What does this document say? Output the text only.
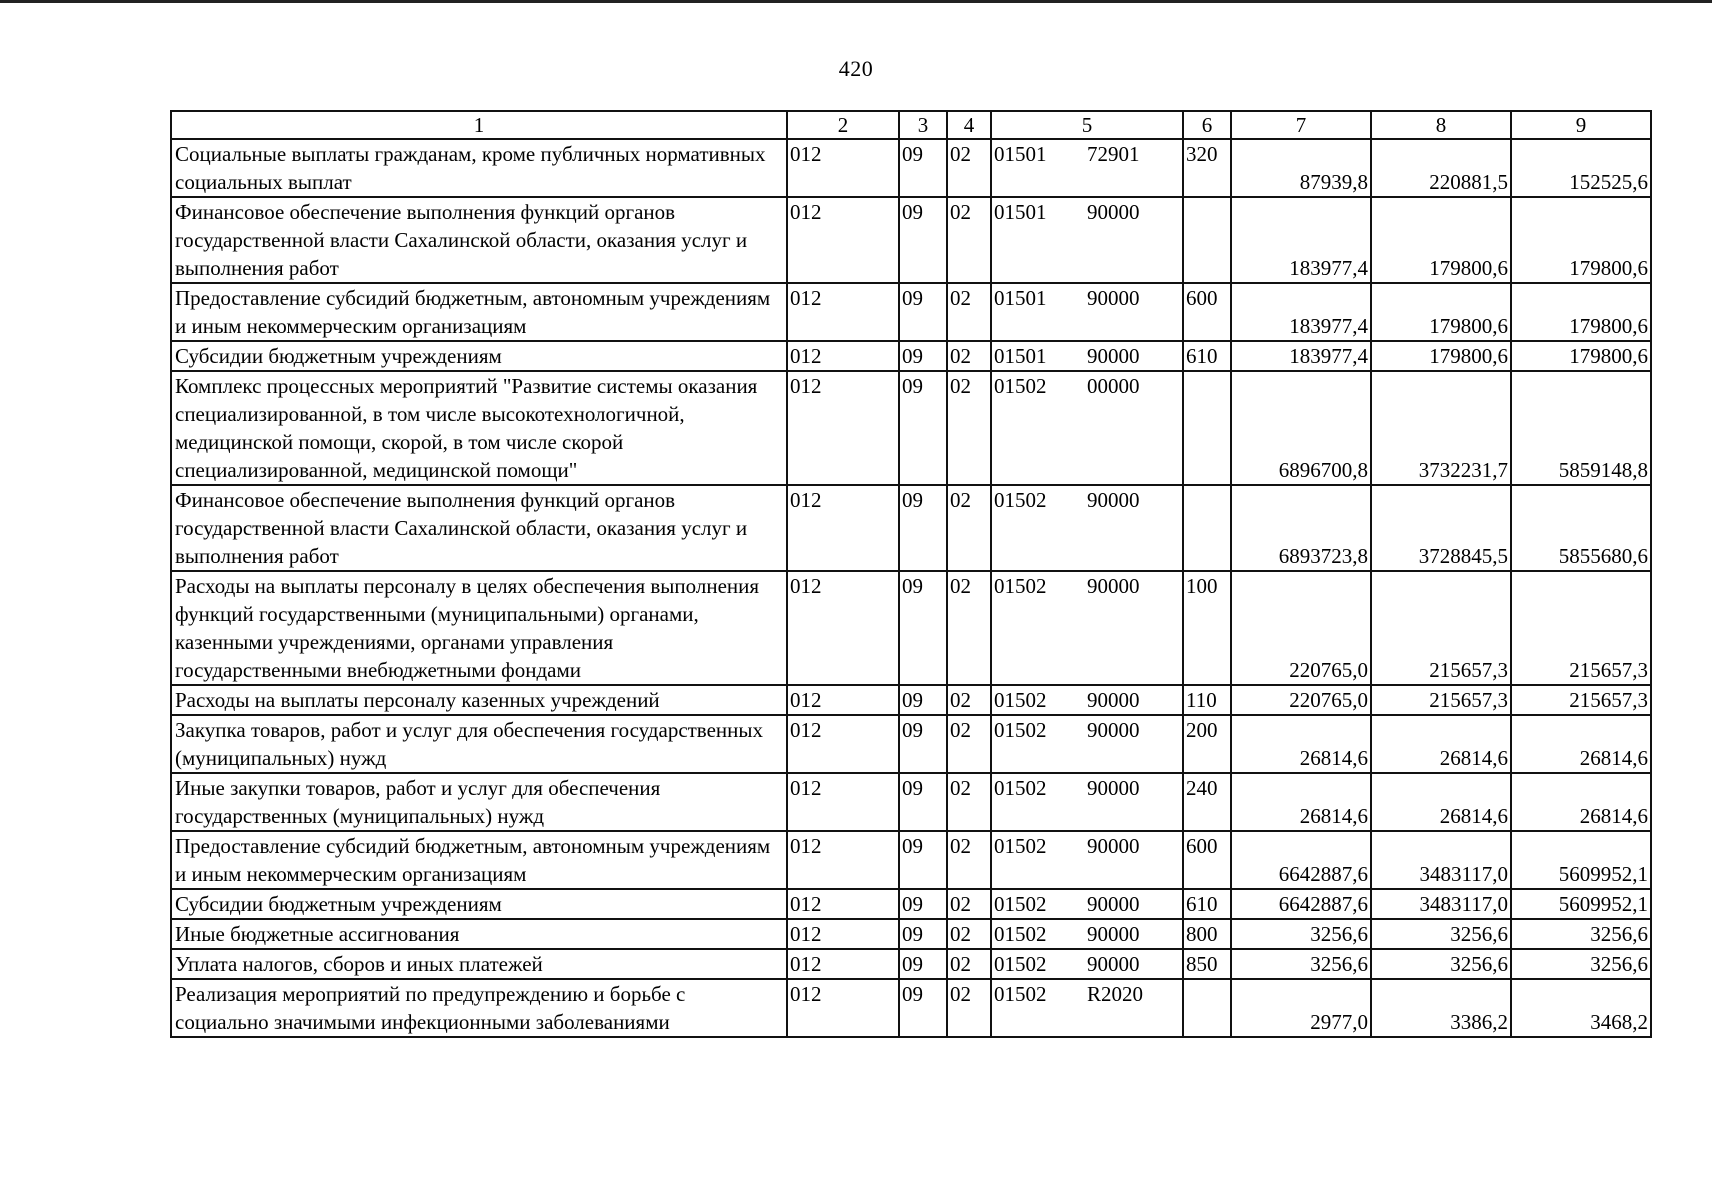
420
1	2	3	4	5		6	7	8	9
Социальные выплаты гражданам, кроме публичных нормативных социальных выплат	012	09	02	01501	72901	320	87939,8	220881,5	152525,6
Финансовое обеспечение выполнения функций органов государственной власти Сахалинской области, оказания услуг и выполнения работ	012	09	02	01501	90000		183977,4	179800,6	179800,6
Предоставление субсидий бюджетным, автономным учреждениям и иным некоммерческим организациям	012	09	02	01501	90000	600	183977,4	179800,6	179800,6
Субсидии бюджетным учреждениям	012	09	02	01501	90000	610	183977,4	179800,6	179800,6
Комплекс процессных мероприятий "Развитие системы оказания специализированной, в том числе высокотехнологичной, медицинской помощи, скорой, в том числе скорой специализированной, медицинской помощи"	012	09	02	01502	00000		6896700,8	3732231,7	5859148,8
Финансовое обеспечение выполнения функций органов государственной власти Сахалинской области, оказания услуг и выполнения работ	012	09	02	01502	90000		6893723,8	3728845,5	5855680,6
Расходы на выплаты персоналу в целях обеспечения выполнения функций государственными (муниципальными) органами, казенными учреждениями, органами управления государственными внебюджетными фондами	012	09	02	01502	90000	100	220765,0	215657,3	215657,3
Расходы на выплаты персоналу казенных учреждений	012	09	02	01502	90000	110	220765,0	215657,3	215657,3
Закупка товаров, работ и услуг для обеспечения государственных (муниципальных) нужд	012	09	02	01502	90000	200	26814,6	26814,6	26814,6
Иные закупки товаров, работ и услуг для обеспечения государственных (муниципальных) нужд	012	09	02	01502	90000	240	26814,6	26814,6	26814,6
Предоставление субсидий бюджетным, автономным учреждениям и иным некоммерческим организациям	012	09	02	01502	90000	600	6642887,6	3483117,0	5609952,1
Субсидии бюджетным учреждениям	012	09	02	01502	90000	610	6642887,6	3483117,0	5609952,1
Иные бюджетные ассигнования	012	09	02	01502	90000	800	3256,6	3256,6	3256,6
Уплата налогов, сборов и иных платежей	012	09	02	01502	90000	850	3256,6	3256,6	3256,6
Реализация мероприятий по предупреждению и борьбе с социально значимыми инфекционными заболеваниями	012	09	02	01502	R2020		2977,0	3386,2	3468,2
